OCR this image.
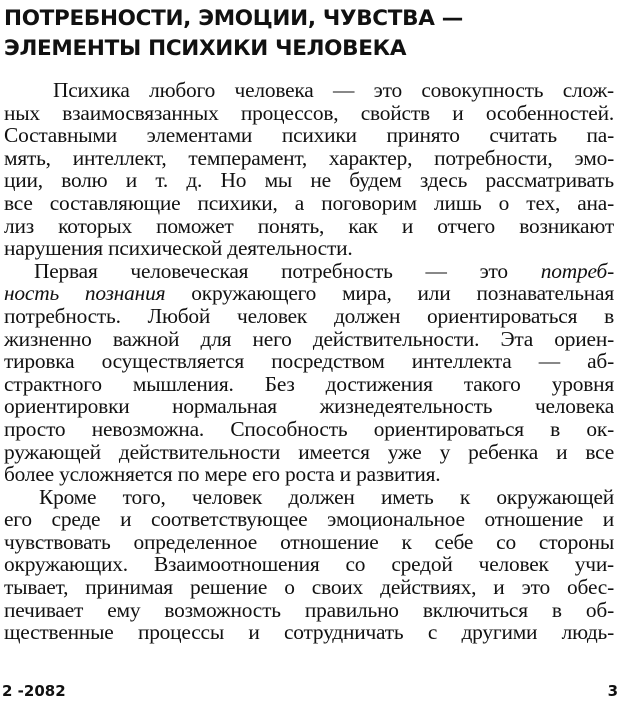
ПОТРЕБНОСТИ, ЭМОЦИИ, ЧУВСТВА —
ЭЛЕМЕНТЫ ПСИХИКИ ЧЕЛОВЕКА
Психика любого человека — это совокупность слож-
ных взаимосвязанных процессов, свойств и особенностей.
Составными элементами психики принято считать па-
мять, интеллект, темперамент, характер, потребности, эмо-
ции, волю и т. д. Но мы не будем здесь рассматривать
все составляющие психики, а поговорим лишь о тех, ана-
лиз которых поможет понять, как и отчего возникают
нарушения психической деятельности.
Первая человеческая потребность — это потреб-
ность познания окружающего мира, или познавательная
потребность. Любой человек должен ориентироваться в
жизненно важной для него действительности. Эта ориен-
тировка осуществляется посредством интеллекта — аб-
страктного мышления. Без достижения такого уровня
ориентировки нормальная жизнедеятельность человека
просто невозможна. Способность ориентироваться в ок-
ружающей действительности имеется уже у ребенка и все
более усложняется по мере его роста и развития.
Кроме того, человек должен иметь к окружающей
его среде и соответствующее эмоциональное отношение и
чувствовать определенное отношение к себе со стороны
окружающих. Взаимоотношения со средой человек учи-
тывает, принимая решение о своих действиях, и это обес-
печивает ему возможность правильно включиться в об-
щественные процессы и сотрудничать с другими людь-
2 -2082	3
